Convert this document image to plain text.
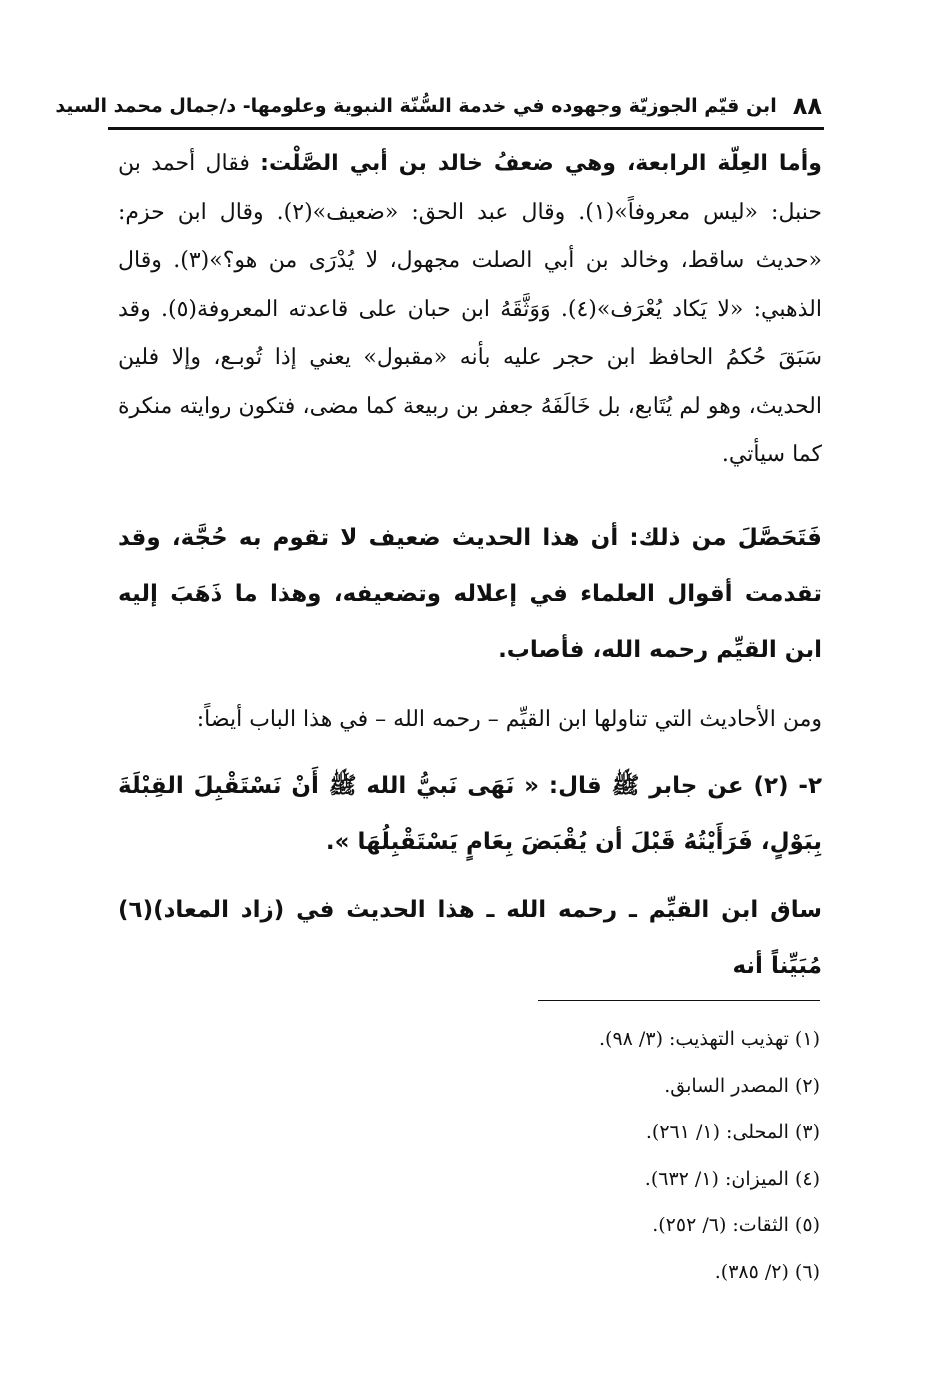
٨٨
ابن قيّم الجوزيّة وجهوده في خدمة السُّنّة النبوية وعلومها- د/جمال محمد السيد

وأما العِلّة الرابعة، وهي ضعفُ خالد بن أبي الصَّلْت: فقال أحمد بن حنبل: «ليس معروفاً»(١). وقال عبد الحق: «ضعيف»(٢). وقال ابن حزم: «حديث ساقط، وخالد بن أبي الصلت مجهول، لا يُدْرَى من هو؟»(٣). وقال الذهبي: «لا يَكاد يُعْرَف»(٤). وَوَثَّقَهُ ابن حبان على قاعدته المعروفة(٥). وقد سَبَقَ حُكمُ الحافظ ابن حجر عليه بأنه «مقبول» يعني إذا تُوبـع، وإلا فلين الحديث، وهو لم يُتَابع، بل خَالَفَهُ جعفر بن ربيعة كما مضى، فتكون روايته منكرة كما سيأتي.

فَتَحَصَّلَ من ذلك: أن هذا الحديث ضعيف لا تقوم به حُجَّة، وقد تقدمت أقوال العلماء في إعلاله وتضعيفه، وهذا ما ذَهَبَ إليه ابن القيِّم رحمه الله، فأصاب.

ومن الأحاديث التي تناولها ابن القيِّم – رحمه الله – في هذا الباب أيضاً:

٢- (٢) عن جابر ﷺ قال: « نَهَى نَبيُّ الله ﷺ أَنْ نَسْتَقْبِلَ القِبْلَةَ بِبَوْلٍ، فَرَأَيْتُهُ قَبْلَ أن يُقْبَضَ بِعَامٍ يَسْتَقْبِلُهَا ».

ساق ابن القيِّم ـ رحمه الله ـ هذا الحديث في (زاد المعاد)(٦) مُبَيِّناً أنه

(١) تهذيب التهذيب: (٣/ ٩٨).
(٢) المصدر السابق.
(٣) المحلى: (١/ ٢٦١).
(٤) الميزان: (١/ ٦٣٢).
(٥) الثقات: (٦/ ٢٥٢).
(٦) (٢/ ٣٨٥).
